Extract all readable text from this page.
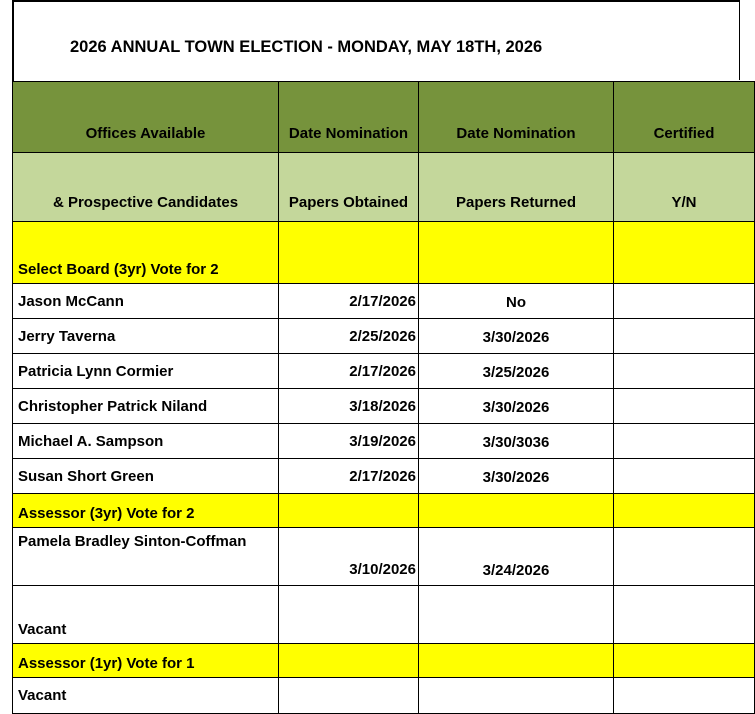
2026 ANNUAL TOWN ELECTION - MONDAY, MAY 18TH, 2026
Offices Available	Date Nomination	Date Nomination	Certified
& Prospective Candidates	Papers Obtained	Papers Returned	Y/N
Select Board (3yr) Vote for 2			
Jason McCann	2/17/2026	No	
Jerry Taverna	2/25/2026	3/30/2026	
Patricia Lynn Cormier	2/17/2026	3/25/2026	
Christopher Patrick Niland	3/18/2026	3/30/2026	
Michael A. Sampson	3/19/2026	3/30/3036	
Susan Short Green	2/17/2026	3/30/2026	
Assessor (3yr) Vote for 2			
Pamela Bradley Sinton-Coffman	3/10/2026	3/24/2026	
Vacant			
Assessor (1yr) Vote for 1			
Vacant			
